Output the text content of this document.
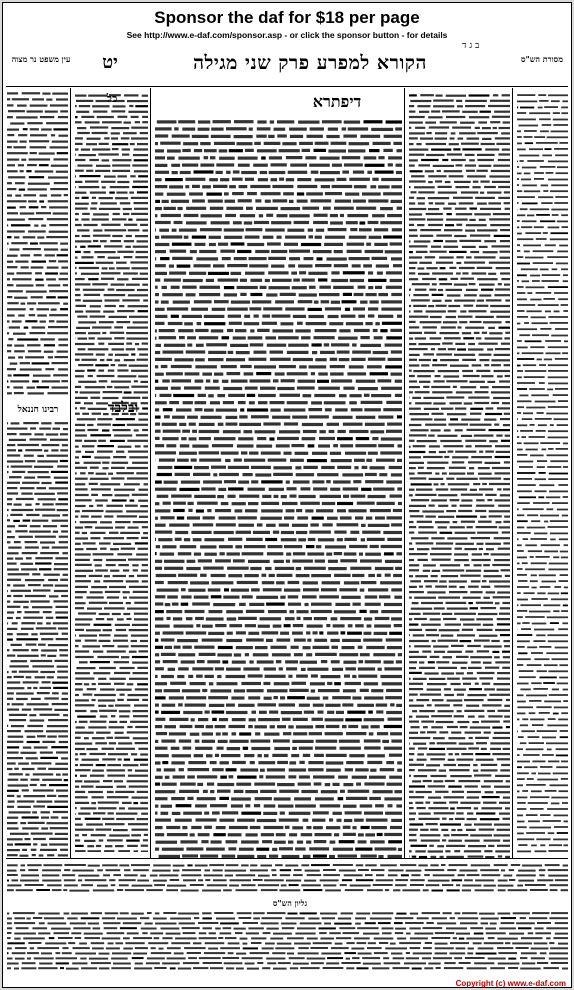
Sponsor the daf for $18 per page
See http://www.e-daf.com/sponsor.asp - or click the sponsor button - for details
מסורת הש"ס
הקורא למפרע פרק שני מגילה
יט
עין משפט נר מצוה
ב ג ד
דיפתרא
כל
ובלבד
רבינו חננאל
גליון הש"ס
Copyright (c) www.e-daf.com
